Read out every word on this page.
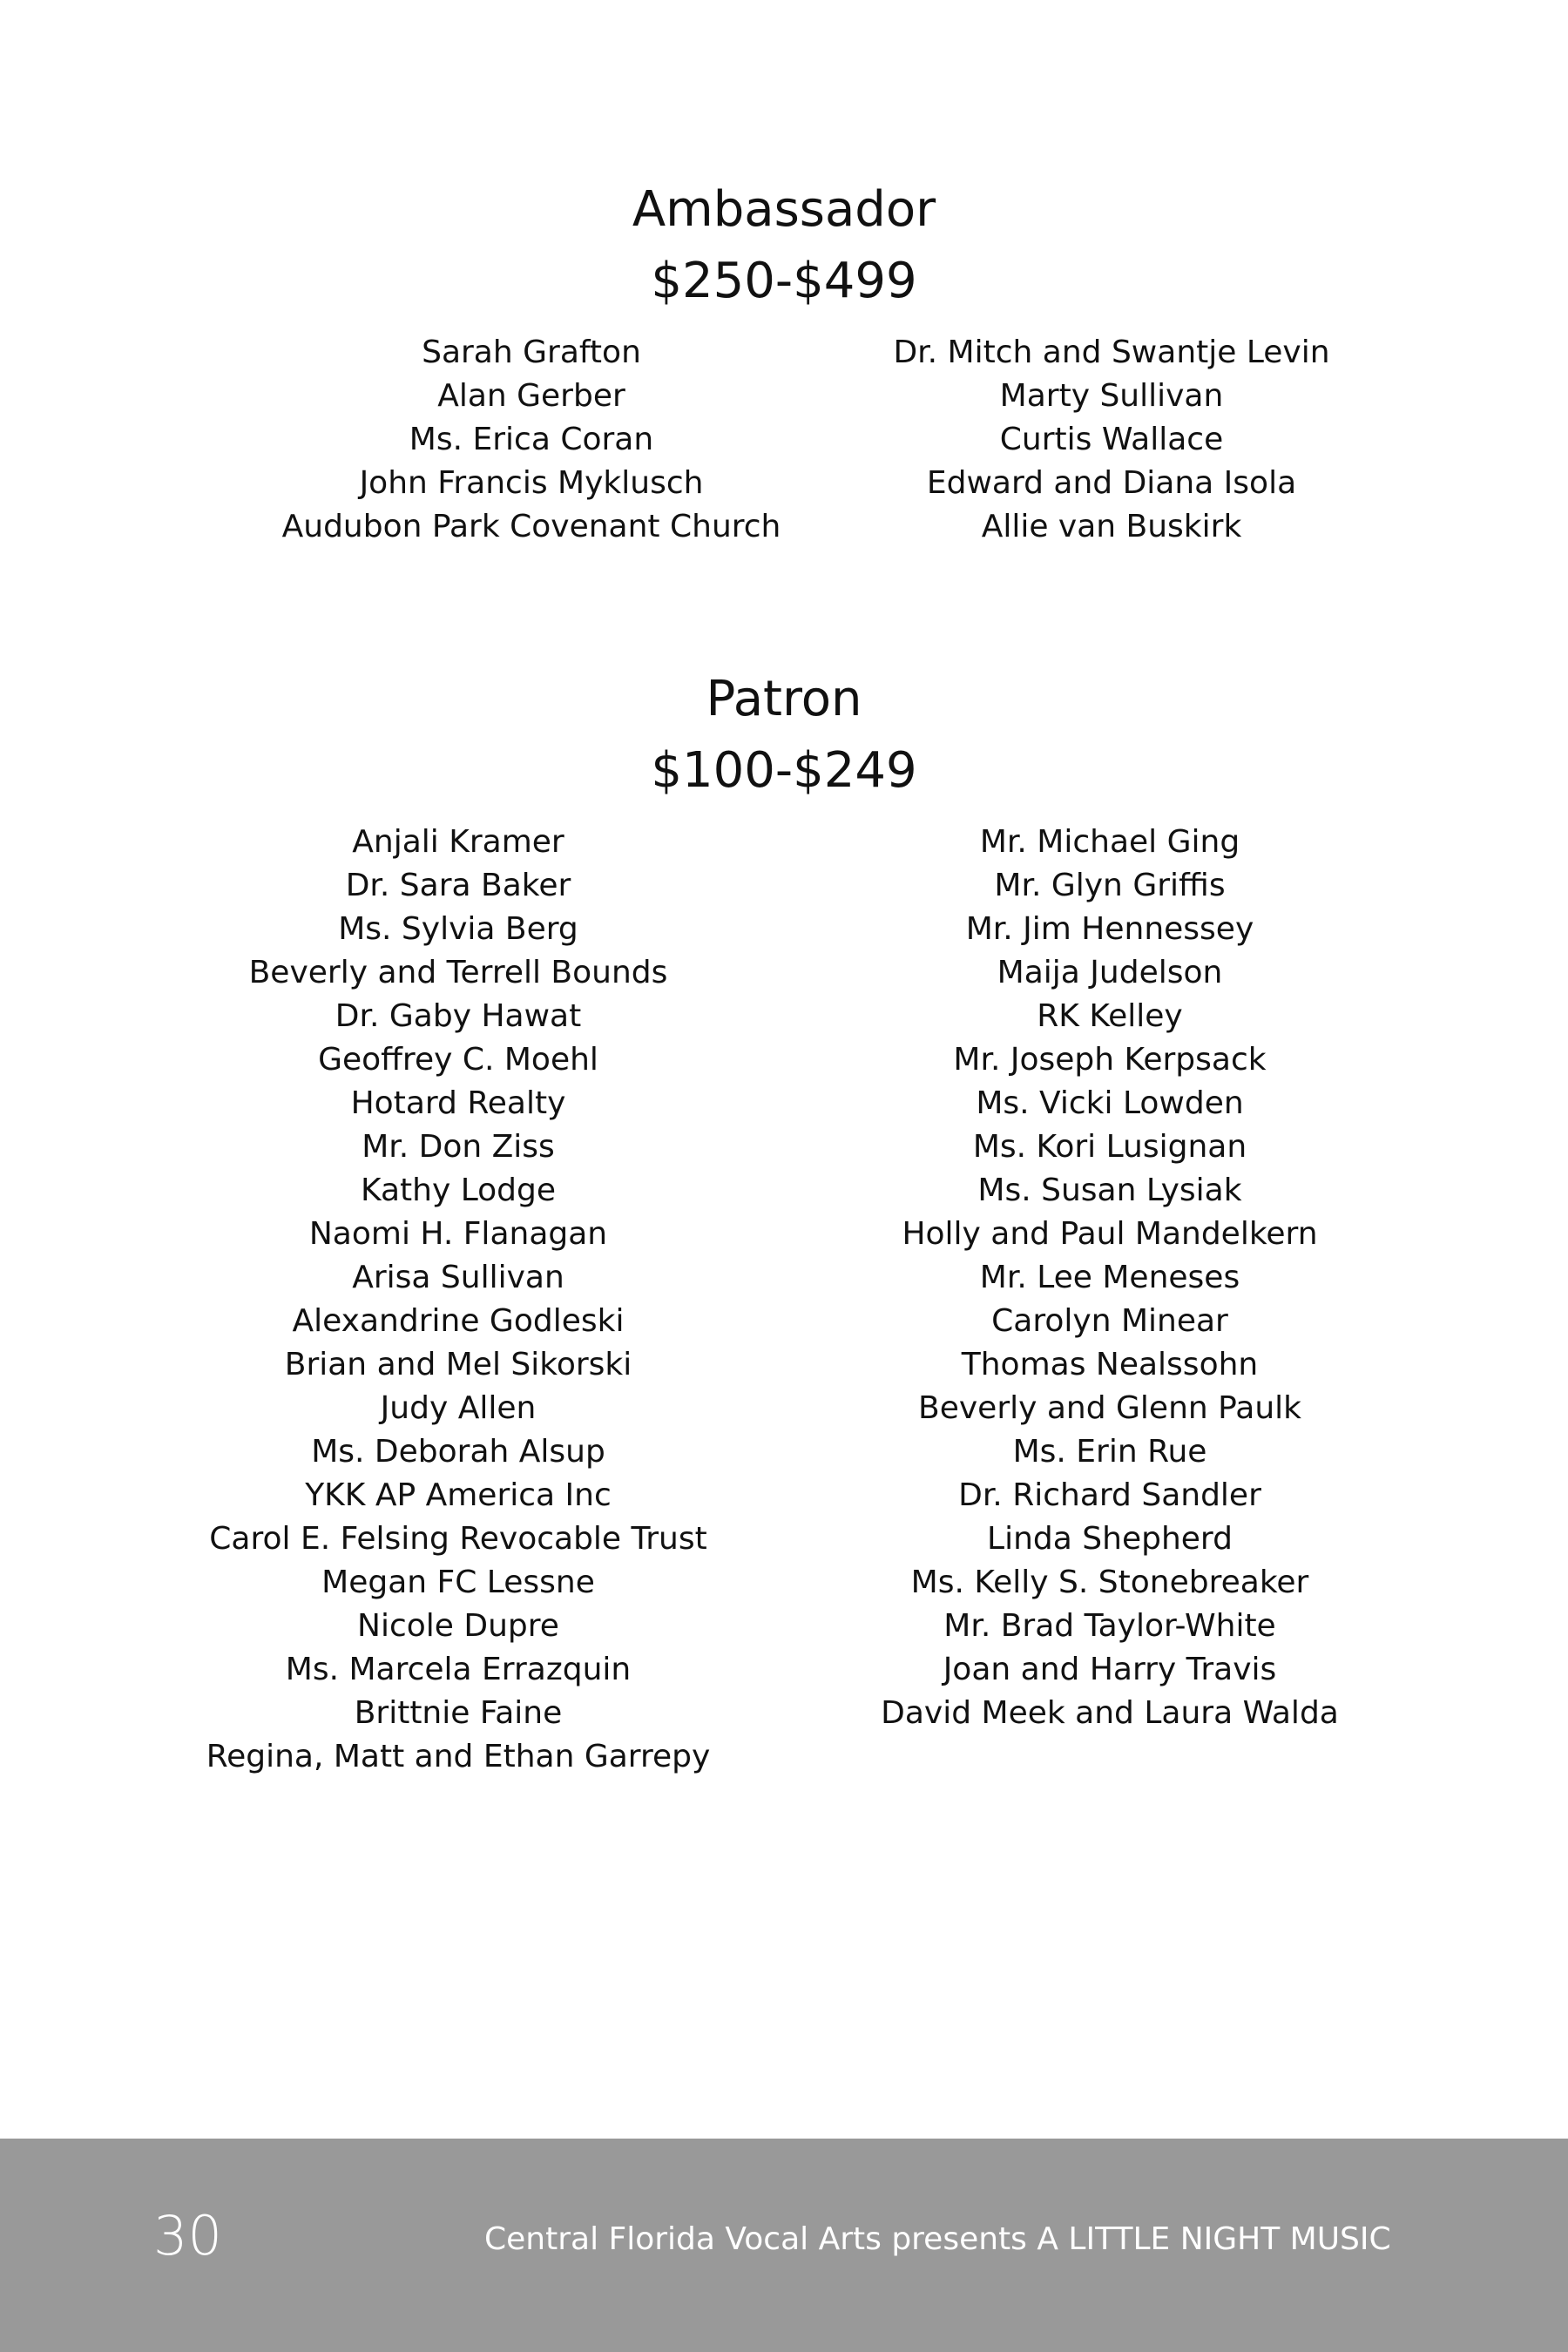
Ambassador
$250-$499
Sarah Grafton
Alan Gerber
Ms. Erica Coran
John Francis Myklusch
Audubon Park Covenant Church
Dr. Mitch and Swantje Levin
Marty Sullivan
Curtis Wallace
Edward and Diana Isola
Allie van Buskirk
Patron
$100-$249
Anjali Kramer
Dr. Sara Baker
Ms. Sylvia Berg
Beverly and Terrell Bounds
Dr. Gaby Hawat
Geoffrey C. Moehl
Hotard Realty
Mr. Don Ziss
Kathy Lodge
Naomi H. Flanagan
Arisa Sullivan
Alexandrine Godleski
Brian and Mel Sikorski
Judy Allen
Ms. Deborah Alsup
YKK AP America Inc
Carol E. Felsing Revocable Trust
Megan FC Lessne
Nicole Dupre
Ms. Marcela Errazquin
Brittnie Faine
Regina, Matt and Ethan Garrepy
Mr. Michael Ging
Mr. Glyn Griffis
Mr. Jim Hennessey
Maija Judelson
RK Kelley
Mr. Joseph Kerpsack
Ms. Vicki Lowden
Ms. Kori Lusignan
Ms. Susan Lysiak
Holly and Paul Mandelkern
Mr. Lee Meneses
Carolyn Minear
Thomas Nealssohn
Beverly and Glenn Paulk
Ms. Erin Rue
Dr. Richard Sandler
Linda Shepherd
Ms. Kelly S. Stonebreaker
Mr. Brad Taylor-White
Joan and Harry Travis
David Meek and Laura Walda
30	Central Florida Vocal Arts presents A LITTLE NIGHT MUSIC
